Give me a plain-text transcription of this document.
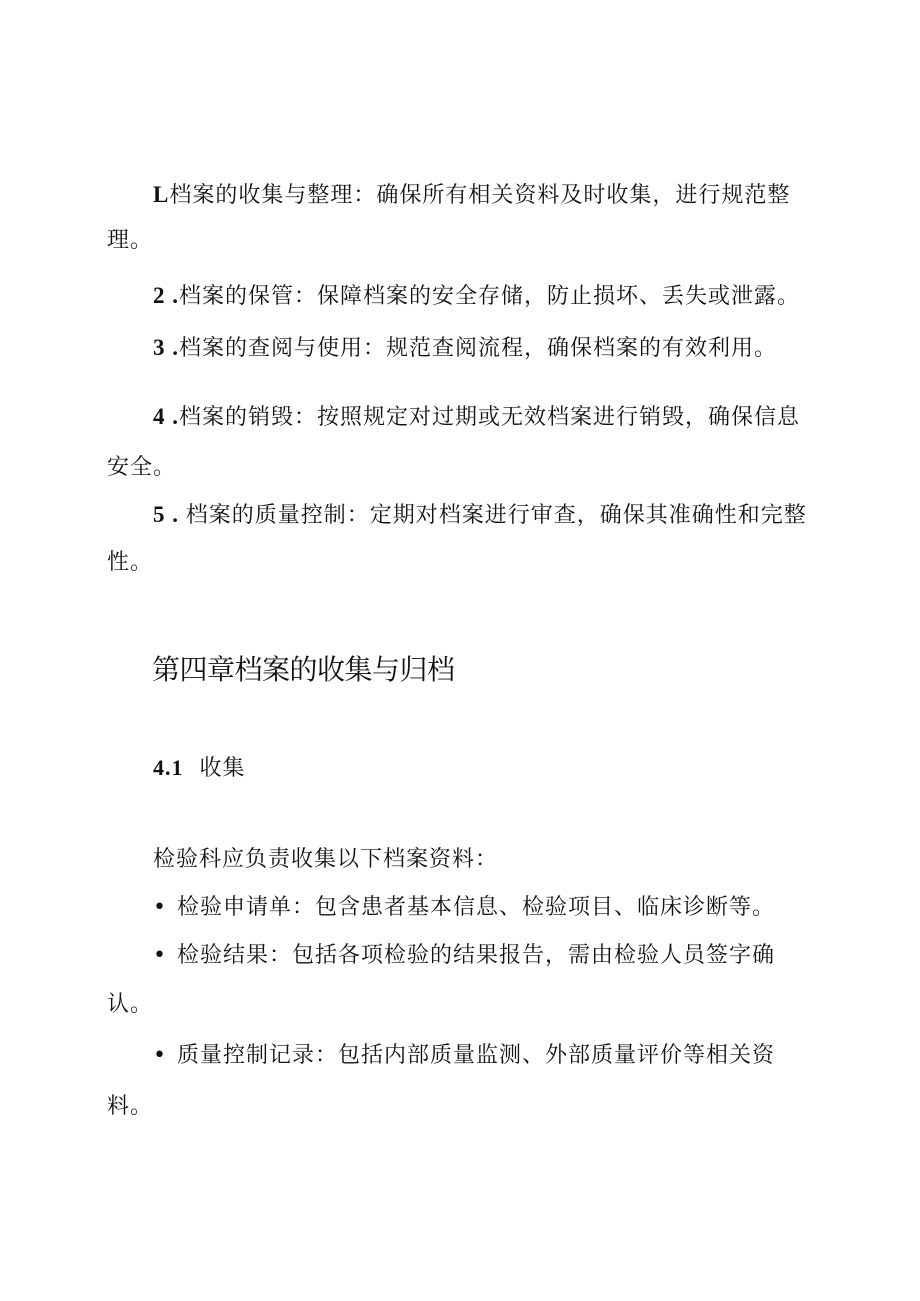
L档案的收集与整理：确保所有相关资料及时收集，进行规范整
理。
2 .档案的保管：保障档案的安全存储，防止损坏、丢失或泄露。
3 .档案的查阅与使用：规范查阅流程，确保档案的有效利用。
4 .档案的销毁：按照规定对过期或无效档案进行销毁，确保信息
安全。
5 . 档案的质量控制：定期对档案进行审查，确保其准确性和完整
性。
第四章档案的收集与归档
4.1 收集
检验科应负责收集以下档案资料：
• 检验申请单：包含患者基本信息、检验项目、临床诊断等。
• 检验结果：包括各项检验的结果报告，需由检验人员签字确
认。
• 质量控制记录：包括内部质量监测、外部质量评价等相关资
料。
